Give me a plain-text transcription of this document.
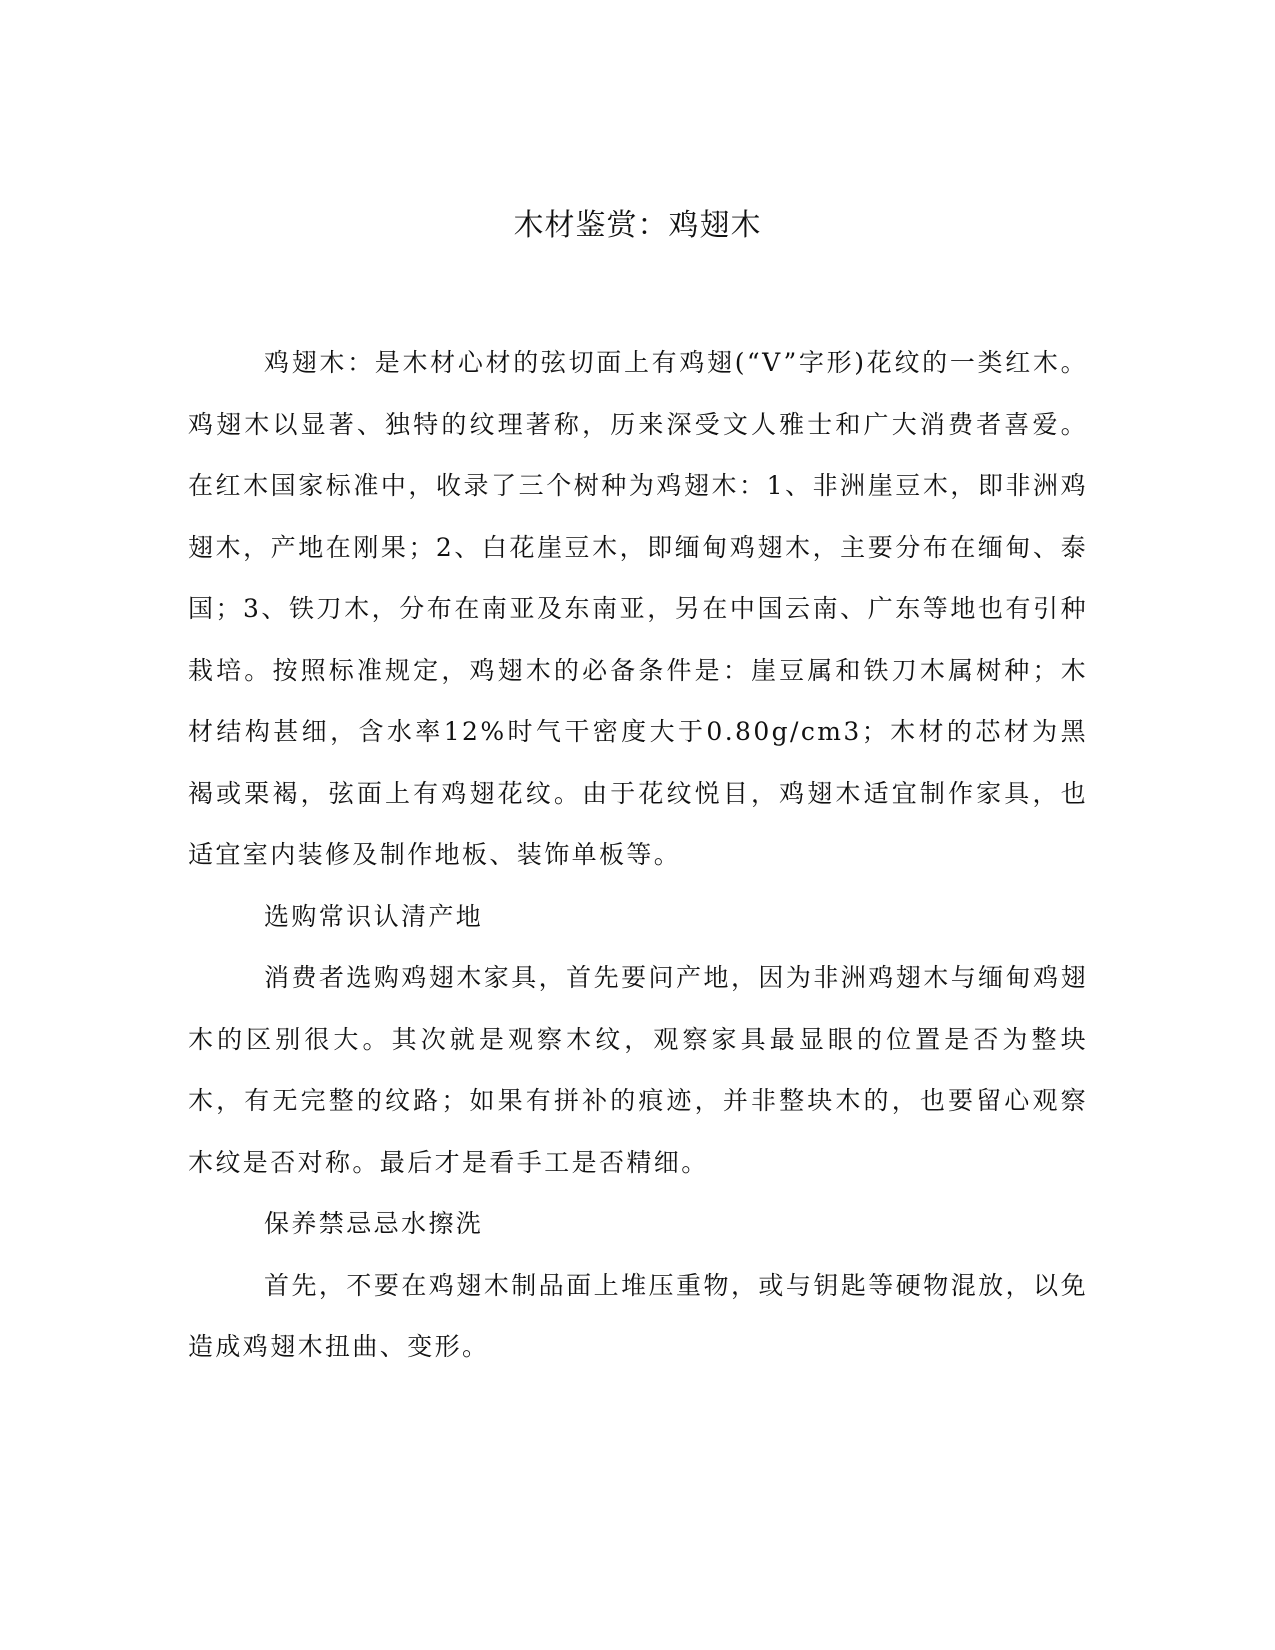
木材鉴赏：鸡翅木

鸡翅木：是木材心材的弦切面上有鸡翅(“V”字形)花纹的一类红木。鸡翅木以显著、独特的纹理著称，历来深受文人雅士和广大消费者喜爱。在红木国家标准中，收录了三个树种为鸡翅木：1、非洲崖豆木，即非洲鸡翅木，产地在刚果；2、白花崖豆木，即缅甸鸡翅木，主要分布在缅甸、泰国；3、铁刀木，分布在南亚及东南亚，另在中国云南、广东等地也有引种栽培。按照标准规定，鸡翅木的必备条件是：崖豆属和铁刀木属树种；木材结构甚细，含水率12%时气干密度大于0.80g/cm3；木材的芯材为黑褐或栗褐，弦面上有鸡翅花纹。由于花纹悦目，鸡翅木适宜制作家具，也适宜室内装修及制作地板、装饰单板等。

选购常识认清产地

消费者选购鸡翅木家具，首先要问产地，因为非洲鸡翅木与缅甸鸡翅木的区别很大。其次就是观察木纹，观察家具最显眼的位置是否为整块木，有无完整的纹路；如果有拼补的痕迹，并非整块木的，也要留心观察木纹是否对称。最后才是看手工是否精细。

保养禁忌忌水擦洗

首先，不要在鸡翅木制品面上堆压重物，或与钥匙等硬物混放，以免造成鸡翅木扭曲、变形。
